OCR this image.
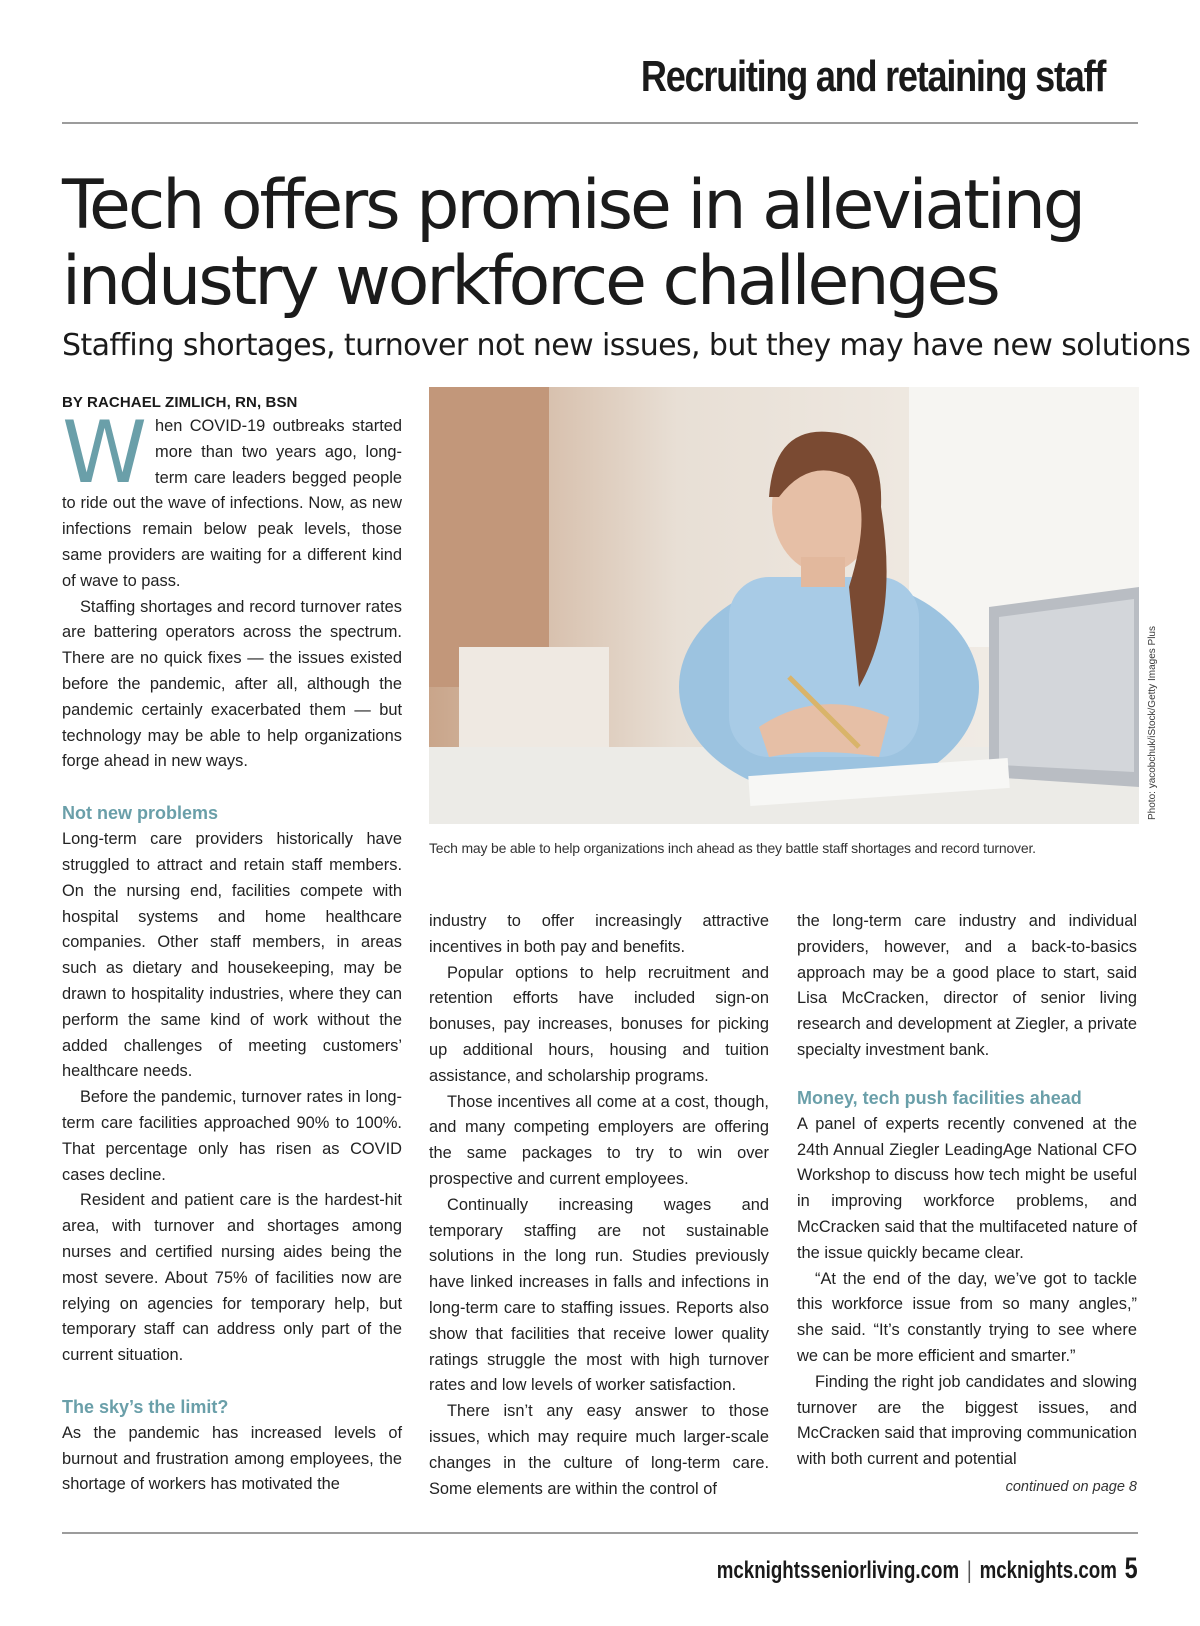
Recruiting and retaining staff
Tech offers promise in alleviating
industry workforce challenges
Staffing shortages, turnover not new issues, but they may have new solutions
Photo: yacobchuk/iStock/Getty Images Plus
Tech may be able to help organizations inch ahead as they battle staff shortages and record turnover.
BY RACHAEL ZIMLICH, RN, BSN

W hen COVID-19 outbreaks started more than two years ago, long-term care leaders begged people to ride out the wave of infections. Now, as new infections remain below peak levels, those same providers are waiting for a different kind of wave to pass.

Staffing shortages and record turnover rates are battering operators across the spectrum. There are no quick fixes — the issues existed before the pandemic, after all, although the pandemic certainly exacerbated them — but technology may be able to help organizations forge ahead in new ways.

Not new problems

Long-term care providers historically have struggled to attract and retain staff members. On the nursing end, facilities compete with hospital systems and home healthcare companies. Other staff members, in areas such as dietary and housekeeping, may be drawn to hospitality industries, where they can perform the same kind of work without the added challenges of meeting customers’ healthcare needs.

Before the pandemic, turnover rates in long-term care facilities approached 90% to 100%. That percentage only has risen as COVID cases decline.

Resident and patient care is the hardest-hit area, with turnover and shortages among nurses and certified nursing aides being the most severe. About 75% of facilities now are relying on agencies for temporary help, but temporary staff can address only part of the current situation.

The sky’s the limit?

As the pandemic has increased levels of burnout and frustration among employees, the shortage of workers has motivated the

industry to offer increasingly attractive incentives in both pay and benefits.

Popular options to help recruitment and retention efforts have included sign-on bonuses, pay increases, bonuses for picking up additional hours, housing and tuition assistance, and scholarship programs.

Those incentives all come at a cost, though, and many competing employers are offering the same packages to try to win over prospective and current employees.

Continually increasing wages and temporary staffing are not sustainable solutions in the long run. Studies previously have linked increases in falls and infections in long-term care to staffing issues. Reports also show that facilities that receive lower quality ratings struggle the most with high turnover rates and low levels of worker satisfaction.

There isn’t any easy answer to those issues, which may require much larger-scale changes in the culture of long-term care. Some elements are within the control of

the long-term care industry and individual providers, however, and a back-to-basics approach may be a good place to start, said Lisa McCracken, director of senior living research and development at Ziegler, a private specialty investment bank.

Money, tech push facilities ahead

A panel of experts recently convened at the 24th Annual Ziegler LeadingAge National CFO Workshop to discuss how tech might be useful in improving workforce problems, and McCracken said that the multifaceted nature of the issue quickly became clear.

“At the end of the day, we’ve got to tackle this workforce issue from so many angles,” she said. “It’s constantly trying to see where we can be more efficient and smarter.”

Finding the right job candidates and slowing turnover are the biggest issues, and McCracken said that improving communication with both current and potential

continued on page 8
mcknightsseniorliving.com | mcknights.com 5
